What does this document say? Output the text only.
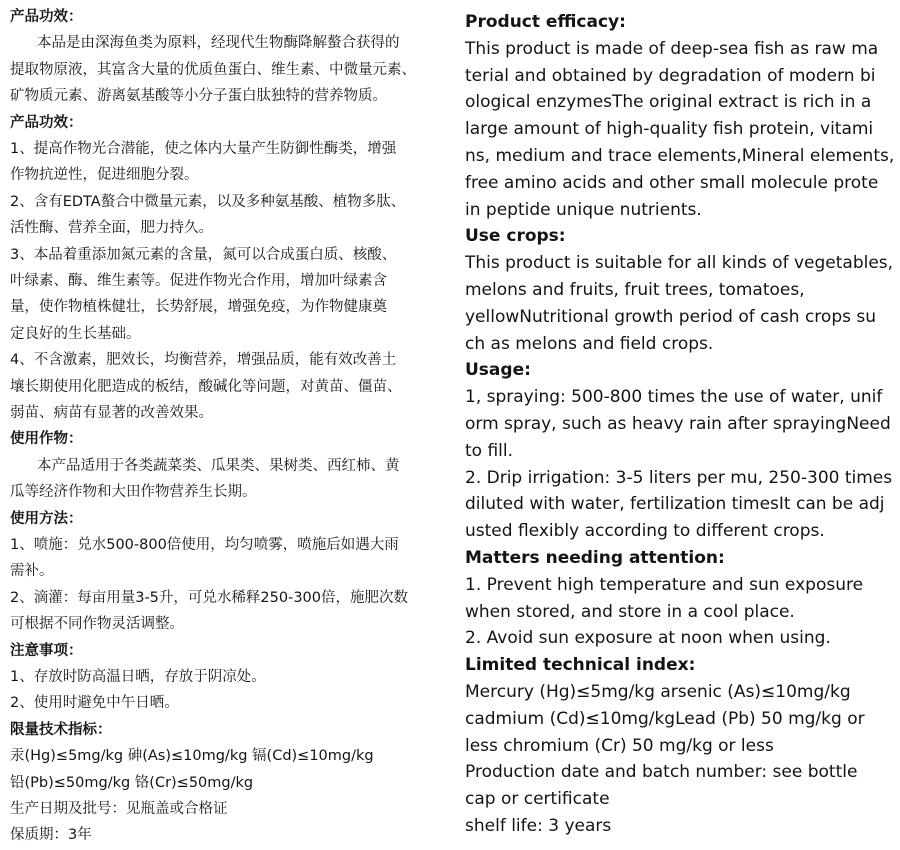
产品功效：
本品是由深海鱼类为原料，经现代生物酶降解螯合获得的
提取物原液，其富含大量的优质鱼蛋白、维生素、中微量元素、
矿物质元素、游离氨基酸等小分子蛋白肽独特的营养物质。
产品功效：
1、提高作物光合潜能，使之体内大量产生防御性酶类，增强
作物抗逆性，促进细胞分裂。
2、含有EDTA螯合中微量元素，以及多种氨基酸、植物多肽、
活性酶、营养全面，肥力持久。
3、本品着重添加氮元素的含量，氮可以合成蛋白质、核酸、
叶绿素、酶、维生素等。促进作物光合作用，增加叶绿素含
量，使作物植株健壮，长势舒展，增强免疫，为作物健康奠
定良好的生长基础。
4、不含激素，肥效长，均衡营养，增强品质，能有效改善土
壤长期使用化肥造成的板结，酸碱化等问题，对黄苗、僵苗、
弱苗、病苗有显著的改善效果。
使用作物：
本产品适用于各类蔬菜类、瓜果类、果树类、西红柿、黄
瓜等经济作物和大田作物营养生长期。
使用方法：
1、喷施：兑水500-800倍使用，均匀喷雾，喷施后如遇大雨
需补。
2、滴灌：每亩用量3-5升，可兑水稀释250-300倍，施肥次数
可根据不同作物灵活调整。
注意事项：
1、存放时防高温日晒，存放于阴凉处。
2、使用时避免中午日晒。
限量技术指标：
汞(Hg)≤5mg/kg 砷(As)≤10mg/kg 镉(Cd)≤10mg/kg
铅(Pb)≤50mg/kg 铬(Cr)≤50mg/kg
生产日期及批号：见瓶盖或合格证
保质期：3年
Product efficacy:
This product is made of deep-sea fish as raw ma
terial and obtained by degradation of modern bi
ological enzymesThe original extract is rich in a
large amount of high-quality fish protein, vitami
ns, medium and trace elements,Mineral elements,
free amino acids and other small molecule prote
in peptide unique nutrients.
Use crops:
This product is suitable for all kinds of vegetables,
melons and fruits, fruit trees, tomatoes,
yellowNutritional growth period of cash crops su
ch as melons and field crops.
Usage:
1, spraying: 500-800 times the use of water, unif
orm spray, such as heavy rain after sprayingNeed
to fill.
2. Drip irrigation: 3-5 liters per mu, 250-300 times
diluted with water, fertilization timesIt can be adj
usted flexibly according to different crops.
Matters needing attention:
1. Prevent high temperature and sun exposure
when stored, and store in a cool place.
2. Avoid sun exposure at noon when using.
Limited technical index:
Mercury (Hg)≤5mg/kg arsenic (As)≤10mg/kg
cadmium (Cd)≤10mg/kgLead (Pb) 50 mg/kg or
less chromium (Cr) 50 mg/kg or less
Production date and batch number: see bottle
cap or certificate
shelf life: 3 years
